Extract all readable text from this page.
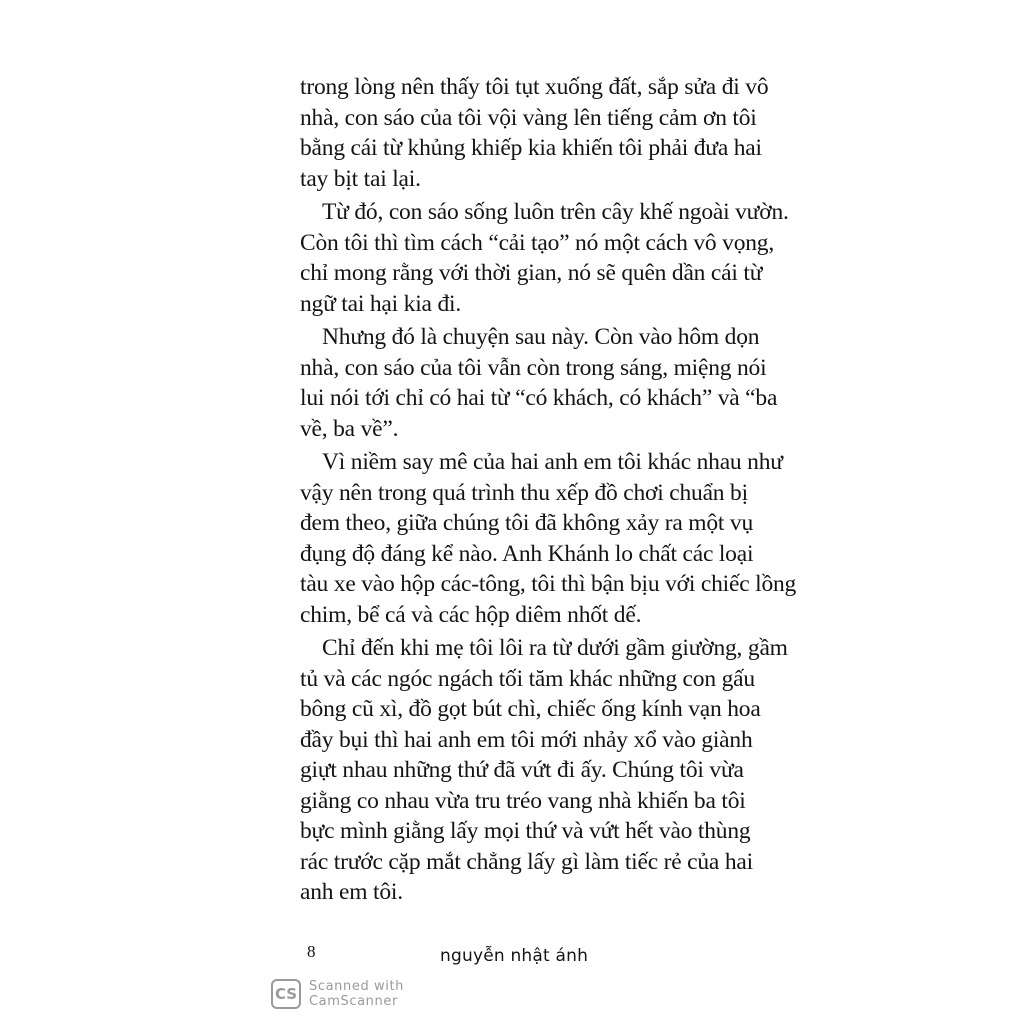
trong lòng nên thấy tôi tụt xuống đất, sắp sửa đi vô
nhà, con sáo của tôi vội vàng lên tiếng cảm ơn tôi
bằng cái từ khủng khiếp kia khiến tôi phải đưa hai
tay bịt tai lại.
Từ đó, con sáo sống luôn trên cây khế ngoài vườn.
Còn tôi thì tìm cách “cải tạo” nó một cách vô vọng,
chỉ mong rằng với thời gian, nó sẽ quên dần cái từ
ngữ tai hại kia đi.
Nhưng đó là chuyện sau này. Còn vào hôm dọn
nhà, con sáo của tôi vẫn còn trong sáng, miệng nói
lui nói tới chỉ có hai từ “có khách, có khách” và “ba
về, ba về”.
Vì niềm say mê của hai anh em tôi khác nhau như
vậy nên trong quá trình thu xếp đồ chơi chuẩn bị
đem theo, giữa chúng tôi đã không xảy ra một vụ
đụng độ đáng kể nào. Anh Khánh lo chất các loại
tàu xe vào hộp các-tông, tôi thì bận bịu với chiếc lồng
chim, bể cá và các hộp diêm nhốt dế.
Chỉ đến khi mẹ tôi lôi ra từ dưới gầm giường, gầm
tủ và các ngóc ngách tối tăm khác những con gấu
bông cũ xì, đồ gọt bút chì, chiếc ống kính vạn hoa
đầy bụi thì hai anh em tôi mới nhảy xổ vào giành
giựt nhau những thứ đã vứt đi ấy. Chúng tôi vừa
giằng co nhau vừa tru tréo vang nhà khiến ba tôi
bực mình giằng lấy mọi thứ và vứt hết vào thùng
rác trước cặp mắt chẳng lấy gì làm tiếc rẻ của hai
anh em tôi.
8	nguyễn nhật ánh
CS Scanned with
CamScanner
